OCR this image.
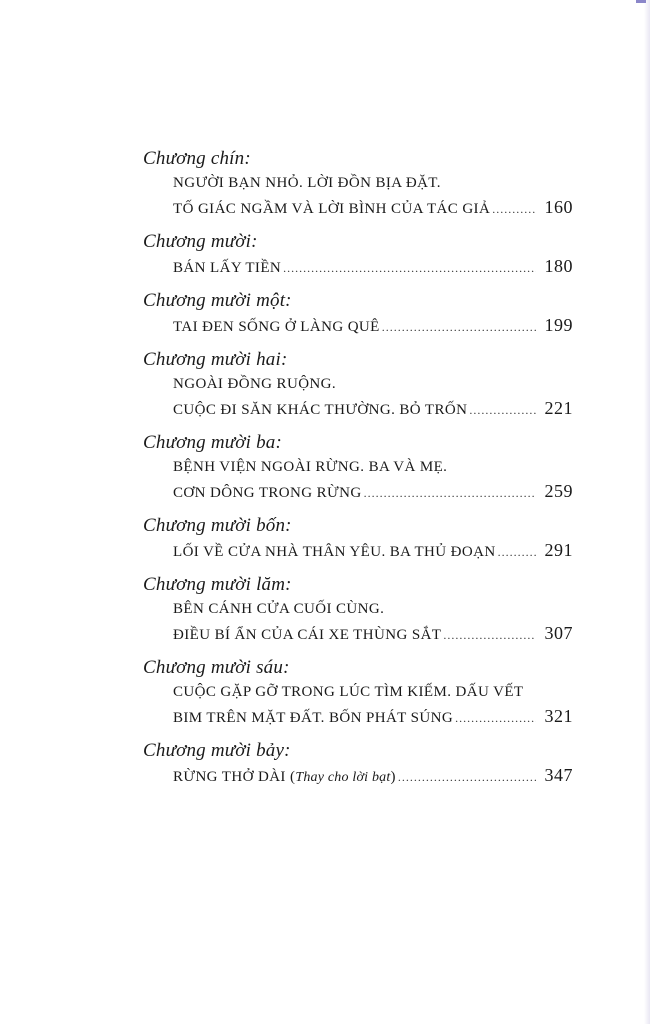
Chương chín:
NGƯỜI BẠN NHỎ. LỜI ĐỒN BỊA ĐẶT.
TỐ GIÁC NGẦM VÀ LỜI BÌNH CỦA TÁC GIẢ .....	160
Chương mười:
BÁN LẤY TIỀN .....	180
Chương mười một:
TAI ĐEN SỐNG Ở LÀNG QUÊ .....	199
Chương mười hai:
NGOÀI ĐỒNG RUỘNG.
CUỘC ĐI SĂN KHÁC THƯỜNG. BỎ TRỐN .....	221
Chương mười ba:
BỆNH VIỆN NGOÀI RỪNG. BA VÀ MẸ.
CƠN DÔNG TRONG RỪNG .....	259
Chương mười bốn:
LỐI VỀ CỬA NHÀ THÂN YÊU. BA THỦ ĐOẠN .....	291
Chương mười lăm:
BÊN CÁNH CỬA CUỐI CÙNG.
ĐIỀU BÍ ẨN CỦA CÁI XE THÙNG SẮT .....	307
Chương mười sáu:
CUỘC GẶP GỠ TRONG LÚC TÌM KIẾM. DẤU VẾT
BIM TRÊN MẶT ĐẤT. BỐN PHÁT SÚNG .....	321
Chương mười bảy:
RỪNG THỞ DÀI (Thay cho lời bạt) .....	347
